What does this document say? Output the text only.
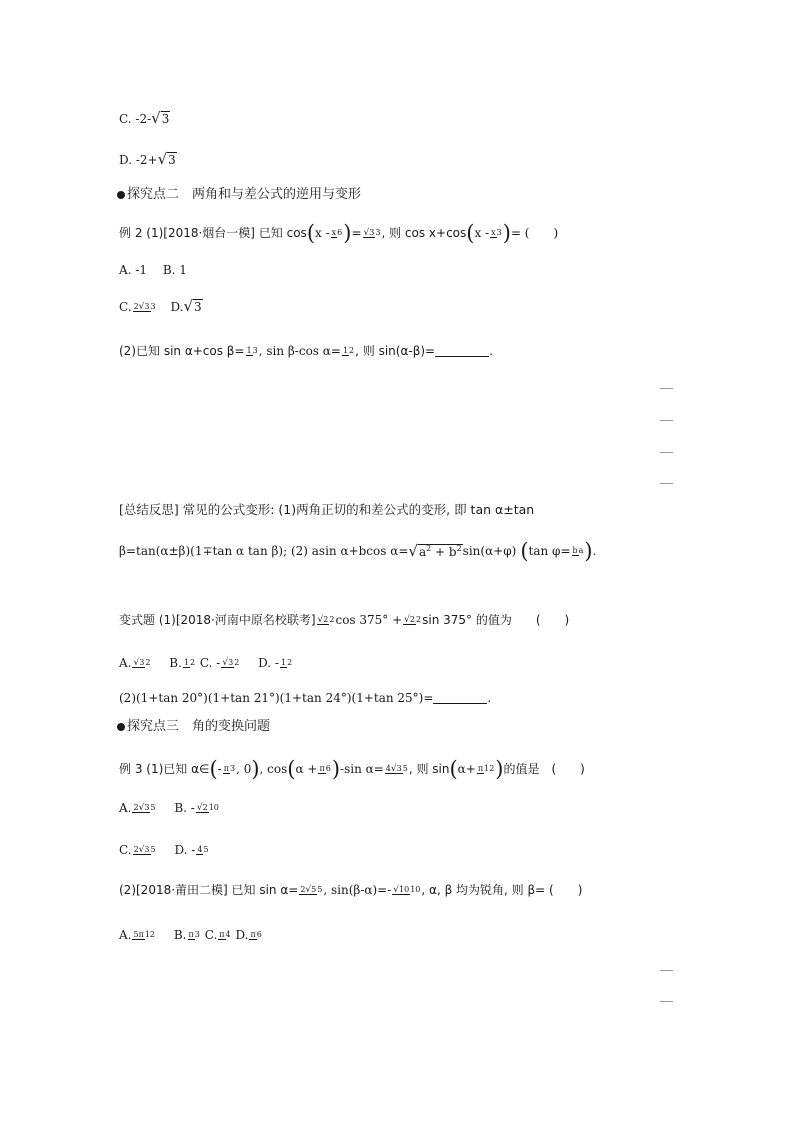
C. -2-√3
D. -2+√3
探究点二　两角和与差公式的逆用与变形
例 2 (1)[2018·烟台一模] 已知 cos(x -x6)= √33, 则 cos x+cos(x -x3)= (　　)
A. -1 B. 1
C. 2√33 D.√3
(2)已知 sin α+cos β= 13, sin β-cos α= 12, 则 sin(α-β)=	.
[总结反思] 常见的公式变形: (1)两角正切的和差公式的变形, 即 tan α±tan
β=tan(α±β)(1∓tan α tan β); (2) asin α+bcos $\alpha=√a^2 + b^2\sin(\alpha+\varphi)$ (tan φ= ba).
变式题 (1)[2018·河南中原名校联考] √22cos 375° + √22sin 375° 的值为　　(　　)
A. √32 B. 12 C. - √32 D. - 12
(2)(1+tan 20°)(1+tan 21°)(1+tan 24°)(1+tan 25°)=	.
探究点三　角的变换问题
例 3 (1)已知 α∈(-π3, 0), cos(α +π6)-sin α= 4√35, 则 sin(α+ π12)的值是　(　　)
A. 2√35 B. - √210
C. 2√35 D. - 45
(2)[2018·莆田二模] 已知 sin α= 2√55, sin(β-α)=- √1010, α, β 均为锐角, 则 β= (　　)
A. 5π12 B. π3 C. π4 D. π6
